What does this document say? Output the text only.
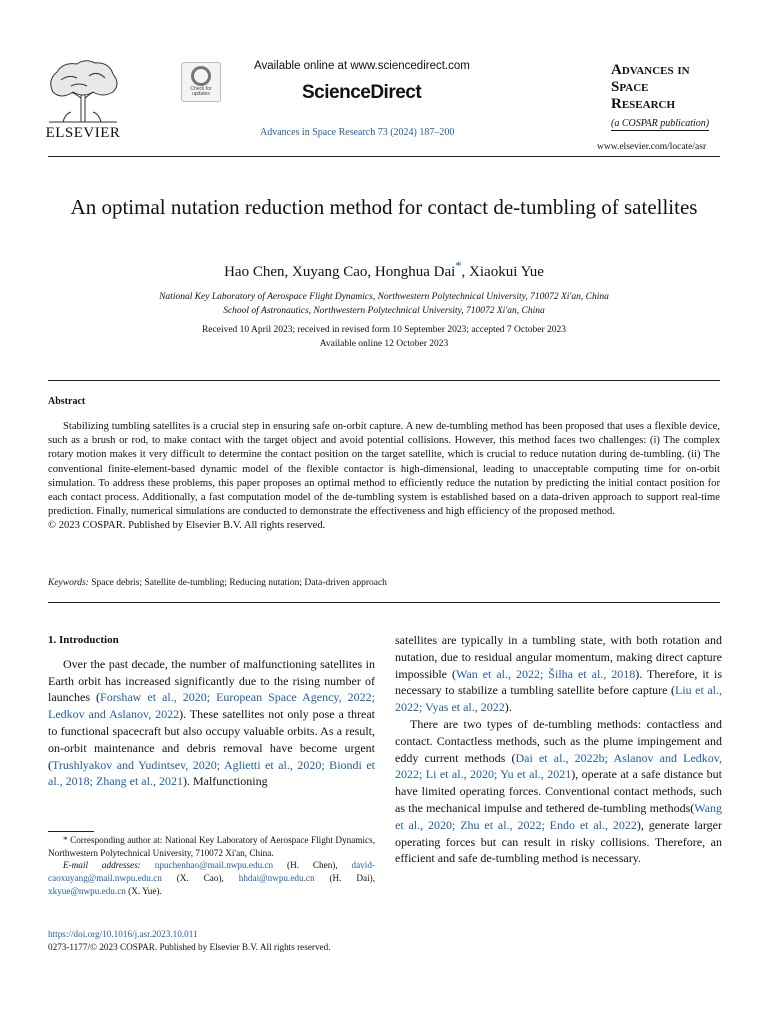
ELSEVIER
Check for updates
Available online at www.sciencedirect.com
ScienceDirect
Advances in Space Research 73 (2024) 187–200
Advances in
Space
Research
(a COSPAR publication)
www.elsevier.com/locate/asr
An optimal nutation reduction method for contact de-tumbling of satellites
Hao Chen, Xuyang Cao, Honghua Dai*, Xiaokui Yue
National Key Laboratory of Aerospace Flight Dynamics, Northwestern Polytechnical University, 710072 Xi'an, China
School of Astronautics, Northwestern Polytechnical University, 710072 Xi'an, China
Received 10 April 2023; received in revised form 10 September 2023; accepted 7 October 2023
Available online 12 October 2023
Abstract

Stabilizing tumbling satellites is a crucial step in ensuring safe on-orbit capture. A new de-tumbling method has been proposed that uses a flexible device, such as a brush or rod, to make contact with the target object and avoid potential collisions. However, this method faces two challenges: (i) The complex rotary motion makes it very difficult to determine the contact position on the target satellite, which is crucial to reduce nutation during de-tumbling. (ii) The conventional finite-element-based dynamic model of the flexible contactor is high-dimensional, leading to unacceptable computing time for on-orbit simulation. To address these problems, this paper proposes an optimal method to efficiently reduce the nutation by predicting the initial contact position for each contact process. Additionally, a fast computation model of the de-tumbling system is established based on a data-driven approach to support real-time prediction. Finally, numerical simulations are conducted to demonstrate the effectiveness and high efficiency of the proposed method.

© 2023 COSPAR. Published by Elsevier B.V. All rights reserved.

Keywords: Space debris; Satellite de-tumbling; Reducing nutation; Data-driven approach

1. Introduction

Over the past decade, the number of malfunctioning satellites in Earth orbit has increased significantly due to the rising number of launches (Forshaw et al., 2020; European Space Agency, 2022; Ledkov and Aslanov, 2022). These satellites not only pose a threat to functional spacecraft but also occupy valuable orbits. As a result, on-orbit maintenance and debris removal have become urgent (Trushlyakov and Yudintsev, 2020; Aglietti et al., 2020; Biondi et al., 2018; Zhang et al., 2021). Malfunctioning

* Corresponding author at: National Key Laboratory of Aerospace Flight Dynamics, Northwestern Polytechnical University, 710072 Xi'an, China.

E-mail addresses: npuchenhao@mail.nwpu.edu.cn (H. Chen), david-caoxuyang@mail.nwpu.edu.cn (X. Cao), hhdai@nwpu.edu.cn (H. Dai), xkyue@nwpu.edu.cn (X. Yue).

https://doi.org/10.1016/j.asr.2023.10.011
0273-1177/© 2023 COSPAR. Published by Elsevier B.V. All rights reserved.

satellites are typically in a tumbling state, with both rotation and nutation, due to residual angular momentum, making direct capture impossible (Wan et al., 2022; Šilha et al., 2018). Therefore, it is necessary to stabilize a tumbling satellite before capture (Liu et al., 2022; Vyas et al., 2022).

There are two types of de-tumbling methods: contactless and contact. Contactless methods, such as the plume impingement and eddy current methods (Dai et al., 2022b; Aslanov and Ledkov, 2022; Li et al., 2020; Yu et al., 2021), operate at a safe distance but have limited operating forces. Conventional contact methods, such as the mechanical impulse and tethered de-tumbling methods(Wang et al., 2020; Zhu et al., 2022; Endo et al., 2022), generate larger operating forces but can result in risky collisions. Therefore, an efficient and safe de-tumbling method is necessary.
